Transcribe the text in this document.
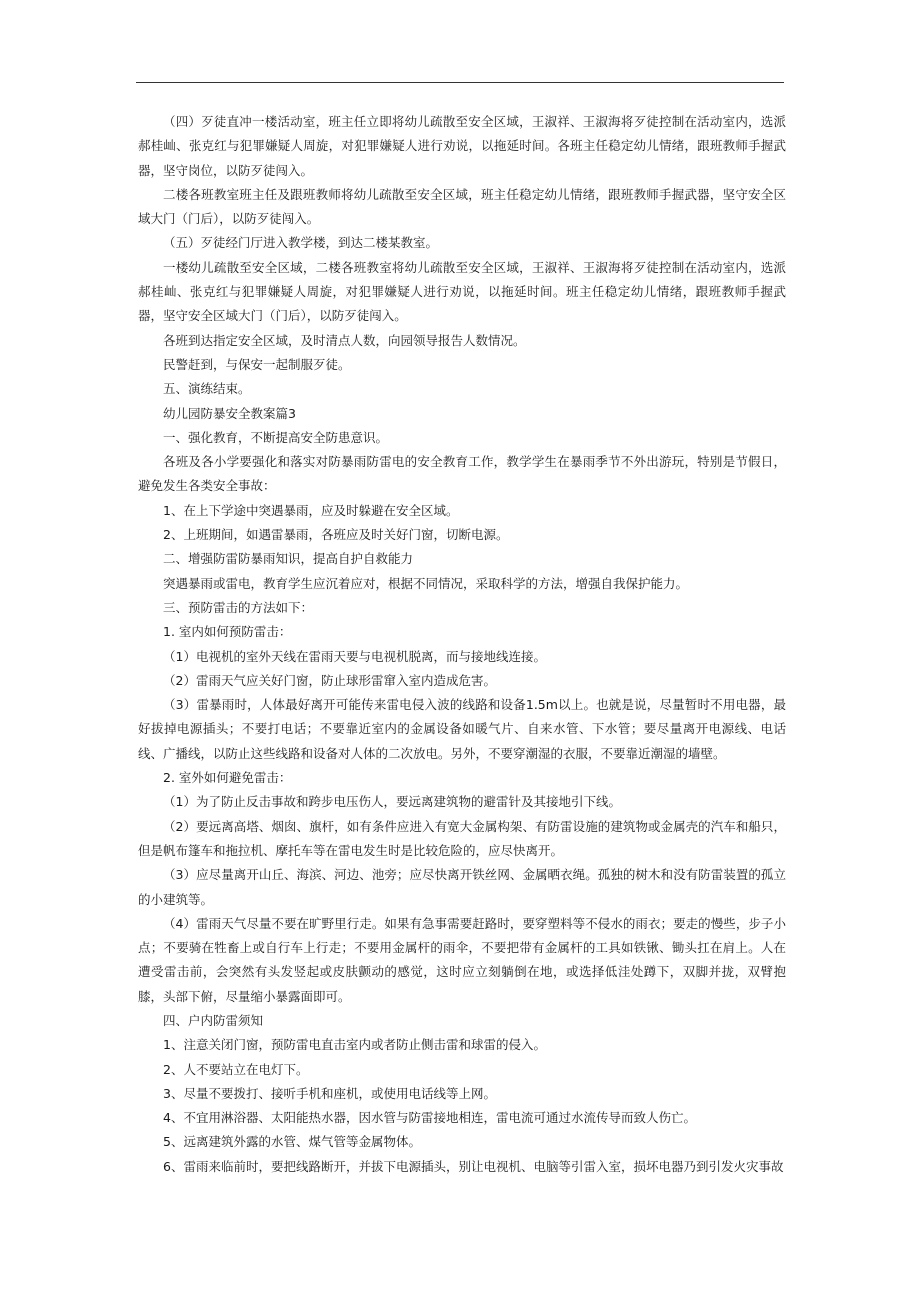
（四）歹徒直冲一楼活动室，班主任立即将幼儿疏散至安全区域，王淑祥、王淑海将歹徒控制在活动室内，选派郝桂屾、张克红与犯罪嫌疑人周旋，对犯罪嫌疑人进行劝说，以拖延时间。各班主任稳定幼儿情绪，跟班教师手握武器，坚守岗位，以防歹徒闯入。

二楼各班教室班主任及跟班教师将幼儿疏散至安全区域，班主任稳定幼儿情绪，跟班教师手握武器，坚守安全区域大门（门后），以防歹徒闯入。

（五）歹徒经门厅进入教学楼，到达二楼某教室。

一楼幼儿疏散至安全区域，二楼各班教室将幼儿疏散至安全区域，王淑祥、王淑海将歹徒控制在活动室内，选派郝桂屾、张克红与犯罪嫌疑人周旋，对犯罪嫌疑人进行劝说，以拖延时间。班主任稳定幼儿情绪，跟班教师手握武器，坚守安全区域大门（门后），以防歹徒闯入。

各班到达指定安全区域，及时清点人数，向园领导报告人数情况。

民警赶到，与保安一起制服歹徒。

五、演练结束。

幼儿园防暴安全教案篇3

一、强化教育，不断提高安全防患意识。

各班及各小学要强化和落实对防暴雨防雷电的安全教育工作，教学学生在暴雨季节不外出游玩，特别是节假日，避免发生各类安全事故：

1、在上下学途中突遇暴雨，应及时躲避在安全区域。

2、上班期间，如遇雷暴雨，各班应及时关好门窗，切断电源。

二、增强防雷防暴雨知识，提高自护自救能力

突遇暴雨或雷电，教育学生应沉着应对，根据不同情况，采取科学的方法，增强自我保护能力。

三、预防雷击的方法如下：

1. 室内如何预防雷击：

（1）电视机的室外天线在雷雨天要与电视机脱离，而与接地线连接。

（2）雷雨天气应关好门窗，防止球形雷窜入室内造成危害。

（3）雷暴雨时，人体最好离开可能传来雷电侵入波的线路和设备1.5m以上。也就是说，尽量暂时不用电器，最好拔掉电源插头；不要打电话；不要靠近室内的金属设备如暖气片、自来水管、下水管；要尽量离开电源线、电话线、广播线，以防止这些线路和设备对人体的二次放电。另外，不要穿潮湿的衣服，不要靠近潮湿的墙壁。

2. 室外如何避免雷击：

（1）为了防止反击事故和跨步电压伤人，要远离建筑物的避雷针及其接地引下线。

（2）要远离高塔、烟囱、旗杆，如有条件应进入有宽大金属构架、有防雷设施的建筑物或金属壳的汽车和船只，但是帆布篷车和拖拉机、摩托车等在雷电发生时是比较危险的，应尽快离开。

（3）应尽量离开山丘、海滨、河边、池旁；应尽快离开铁丝网、金属晒衣绳。孤独的树木和没有防雷装置的孤立的小建筑等。

（4）雷雨天气尽量不要在旷野里行走。如果有急事需要赶路时，要穿塑料等不侵水的雨衣；要走的慢些，步子小点；不要骑在牲畜上或自行车上行走；不要用金属杆的雨伞，不要把带有金属杆的工具如铁锹、锄头扛在肩上。人在遭受雷击前，会突然有头发竖起或皮肤颤动的感觉，这时应立刻躺倒在地，或选择低洼处蹲下，双脚并拢，双臂抱膝，头部下俯，尽量缩小暴露面即可。

四、户内防雷须知

1、注意关闭门窗，预防雷电直击室内或者防止侧击雷和球雷的侵入。

2、人不要站立在电灯下。

3、尽量不要拨打、接听手机和座机，或使用电话线等上网。

4、不宜用淋浴器、太阳能热水器，因水管与防雷接地相连，雷电流可通过水流传导而致人伤亡。

5、远离建筑外露的水管、煤气管等金属物体。

6、雷雨来临前时，要把线路断开，并拔下电源插头，别让电视机、电脑等引雷入室，损坏电器乃到引发火灾事故
